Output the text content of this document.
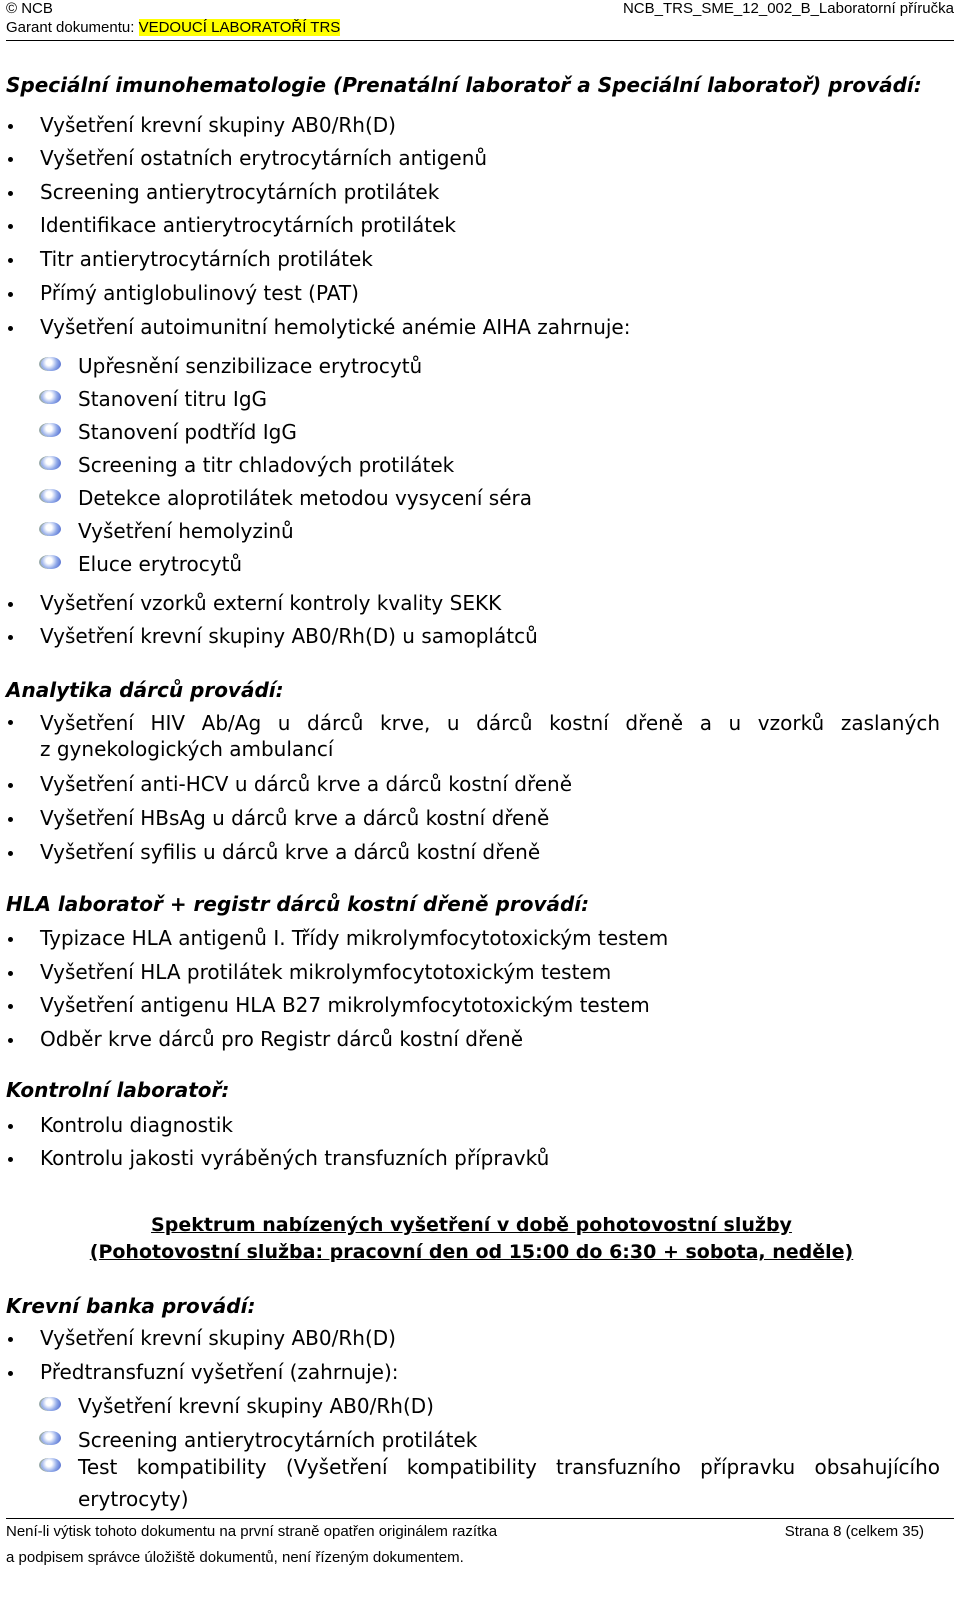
© NCB
Garant dokumentu: VEDOUCÍ LABORATOŘÍ TRS
NCB_TRS_SME_12_002_B_Laboratorní příručka
Speciální imunohematologie (Prenatální laboratoř a Speciální laboratoř) provádí:
Vyšetření krevní skupiny AB0/Rh(D)
Vyšetření ostatních erytrocytárních antigenů
Screening antierytrocytárních protilátek
Identifikace antierytrocytárních protilátek
Titr antierytrocytárních protilátek
Přímý antiglobulinový test (PAT)
Vyšetření autoimunitní hemolytické anémie AIHA zahrnuje:
Upřesnění senzibilizace erytrocytů
Stanovení titru IgG
Stanovení podtříd IgG
Screening a titr chladových protilátek
Detekce aloprotilátek metodou vysycení séra
Vyšetření hemolyzinů
Eluce erytrocytů
Vyšetření vzorků externí kontroly kvality SEKK
Vyšetření krevní skupiny AB0/Rh(D) u samoplátců
Analytika dárců provádí:
Vyšetření HIV Ab/Ag u dárců krve, u dárců kostní dřeně a u vzorků zaslaných
z gynekologických ambulancí
Vyšetření anti-HCV u dárců krve a dárců kostní dřeně
Vyšetření HBsAg u dárců krve a dárců kostní dřeně
Vyšetření syfilis u dárců krve a dárců kostní dřeně
HLA laboratoř + registr dárců kostní dřeně provádí:
Typizace HLA antigenů I. Třídy mikrolymfocytotoxickým testem
Vyšetření HLA protilátek mikrolymfocytotoxickým testem
Vyšetření antigenu HLA B27 mikrolymfocytotoxickým testem
Odběr krve dárců pro Registr dárců kostní dřeně
Kontrolní laboratoř:
Kontrolu diagnostik
Kontrolu jakosti vyráběných transfuzních přípravků
Spektrum nabízených vyšetření v době pohotovostní služby
(Pohotovostní služba: pracovní den od 15:00 do 6:30 + sobota, neděle)
Krevní banka provádí:
Vyšetření krevní skupiny AB0/Rh(D)
Předtransfuzní vyšetření (zahrnuje):
Vyšetření krevní skupiny AB0/Rh(D)
Screening antierytrocytárních protilátek
Test kompatibility (Vyšetření kompatibility transfuzního přípravku obsahujícího
erytrocyty)
Není-li výtisk tohoto dokumentu na první straně opatřen originálem razítka
a podpisem správce úložiště dokumentů, není řízeným dokumentem.
Strana 8 (celkem 35)
